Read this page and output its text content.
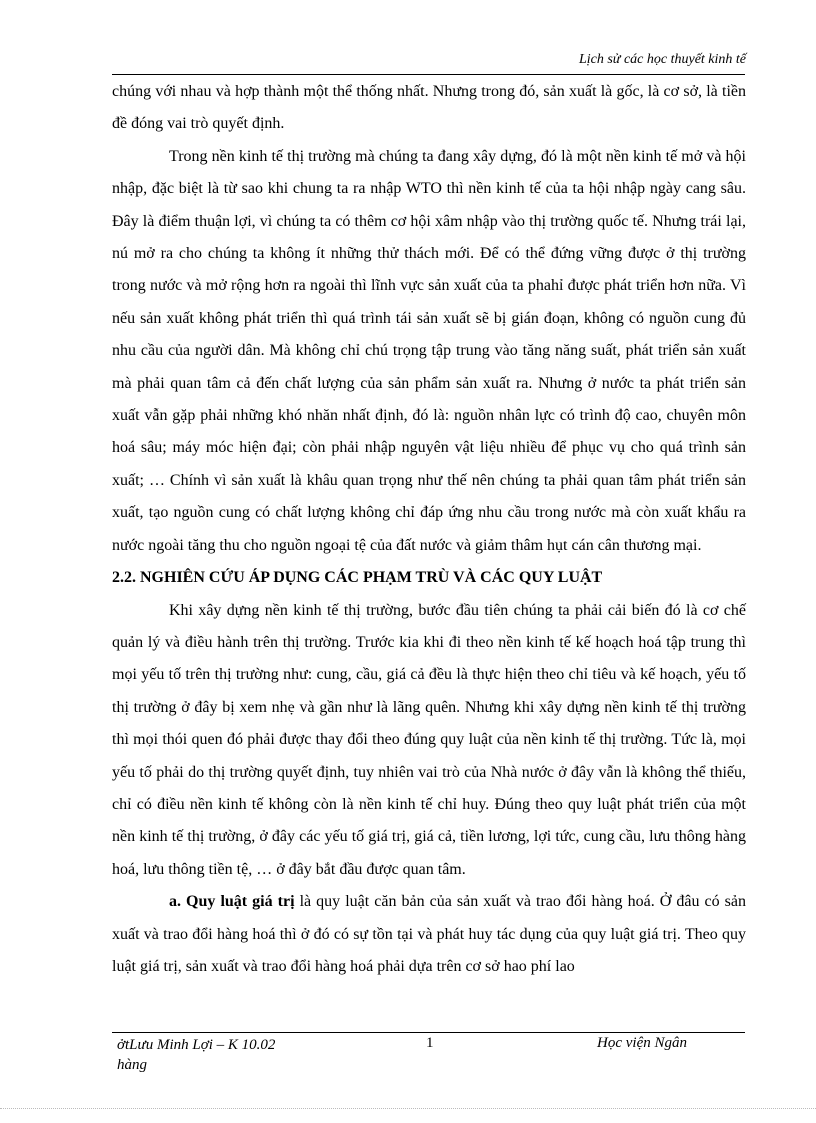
Lịch sử các học thuyết kinh tế

chúng với nhau và hợp thành một thể thống nhất. Nhưng trong đó, sản xuất là gốc, là cơ sở, là tiền đề đóng vai trò quyết định.

Trong nền kinh tế thị trường mà chúng ta đang xây dựng, đó là một nền kinh tế mở và hội nhập, đặc biệt là từ sao khi chung ta ra nhập WTO thì nền kinh tế của ta hội nhập ngày cang sâu. Đây là điểm thuận lợi, vì chúng ta có thêm cơ hội xâm nhập vào thị trường quốc tế. Nhưng trái lại, nú mở ra cho chúng ta không ít những thử thách mới. Để có thể đứng vững được ở thị trường trong nước và mở rộng hơn ra ngoài thì lĩnh vực sản xuất của ta phahỉ được phát triển hơn nữa. Vì nếu sản xuất không phát triển thì quá trình tái sản xuất sẽ bị gián đoạn, không có nguồn cung đủ nhu cầu của người dân. Mà không chỉ chú trọng tập trung vào tăng năng suất, phát triển sản xuất mà phải quan tâm cả đến chất lượng của sản phẩm sản xuất ra. Nhưng ở nước ta phát triển sản xuất vẫn gặp phải những khó nhăn nhất định, đó là: nguồn nhân lực có trình độ cao, chuyên môn hoá sâu; máy móc hiện đại; còn phải nhập nguyên vật liệu nhiều để phục vụ cho quá trình sản xuất; … Chính vì sản xuất là khâu quan trọng như thế nên chúng ta phải quan tâm phát triển sản xuất, tạo nguồn cung có chất lượng không chỉ đáp ứng nhu cầu trong nước mà còn xuất khẩu ra nước ngoài tăng thu cho nguồn ngoại tệ của đất nước và giảm thâm hụt cán cân thương mại.

2.2. NGHIÊN CỨU ÁP DỤNG CÁC PHẠM TRÙ VÀ CÁC QUY LUẬT

Khi xây dựng nền kinh tế thị trường, bước đầu tiên chúng ta phải cải biến đó là cơ chế quản lý và điều hành trên thị trường. Trước kia khi đi theo nền kinh tế kế hoạch hoá tập trung thì mọi yếu tố trên thị trường như: cung, cầu, giá cả đều là thực hiện theo chỉ tiêu và kế hoạch, yếu tố thị trường ở đây bị xem nhẹ và gần như là lãng quên. Nhưng khi xây dựng nền kinh tế thị trường thì mọi thói quen đó phải được thay đổi theo đúng quy luật của nền kinh tế thị trường. Tức là, mọi yếu tố phải do thị trường quyết định, tuy nhiên vai trò của Nhà nước ở đây vẫn là không thể thiếu, chỉ có điều nền kinh tế không còn là nền kinh tế chỉ huy. Đúng theo quy luật phát triển của một nền kinh tế thị trường, ở đây các yếu tố giá trị, giá cả, tiền lương, lợi tức, cung cầu, lưu thông hàng hoá, lưu thông tiền tệ, … ở đây bắt đầu được quan tâm.

a. Quy luật giá trị là quy luật căn bản của sản xuất và trao đổi hàng hoá. Ở đâu có sản xuất và trao đổi hàng hoá thì ở đó có sự tồn tại và phát huy tác dụng của quy luật giá trị. Theo quy luật giá trị, sản xuất và trao đổi hàng hoá phải dựa trên cơ sở hao phí lao

ởtLưu Minh Lợi – K 10.02
hàng
1	Học viện Ngân
